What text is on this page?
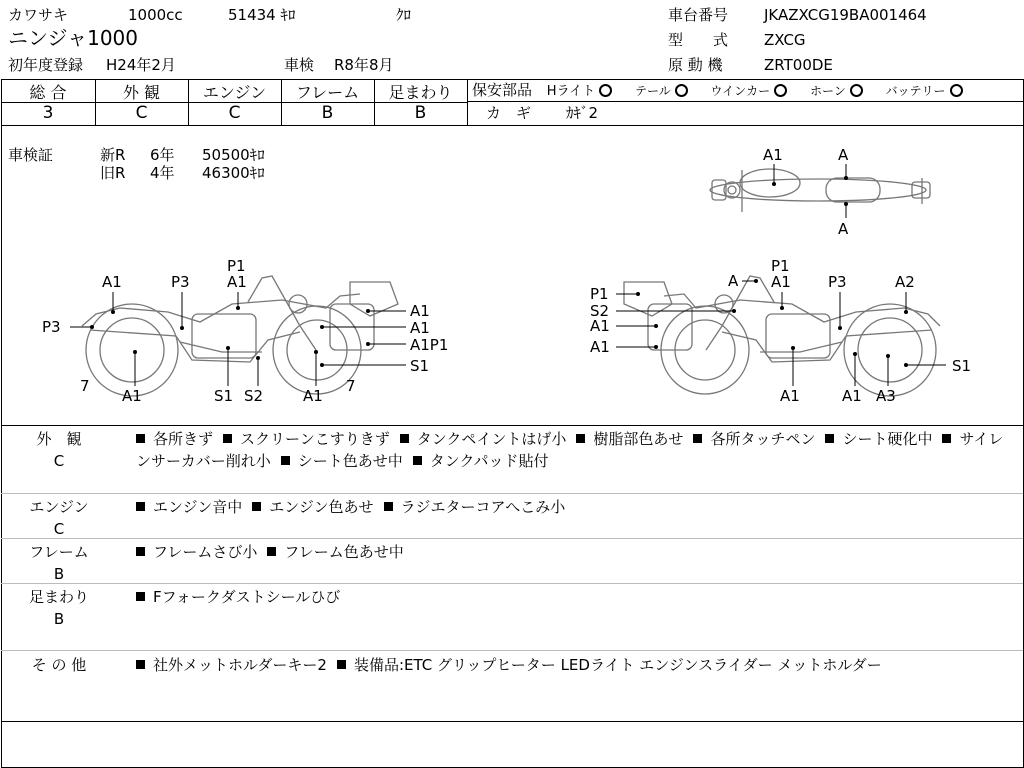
カワサキ	1000cc	51434 ｷﾛ	ｸﾛ
ニンジャ1000
初年度登録 H24年2月	車検 R8年8月
車台番号 JKAZXCG19BA001464
型　　式 ZXCG
原 動 機	ZRT00DE
総 合	外 観	エンジン	フレーム	足まわり
3	C	C	B	B
保安部品 Hライト	テール	ウインカー	ホーン	バッテリー
カ　ギ ｶｷﾞ2
車検証	新R 6年 50500ｷﾛ
旧R 4年 46300ｷﾛ
A1	A
A
P1
A1
A1	P3
P3
7
A1	S1 S2	A1
7
A1
A1
A1P1
S1
A
P1
A1 P3	A2
P1
S2
A1
A1
A1	A1 A3
S1
外　観
C
各所きず スクリーンこすりきず タンクペイントはげ小 樹脂部色あせ 各所タッチペン シート硬化中 サイレンサーカバー削れ小 シート色あせ中 タンクパッド貼付
エンジン
C
エンジン音中 エンジン色あせ ラジエターコアへこみ小
フレーム
B
フレームさび小 フレーム色あせ中
足まわり
B
Fフォークダストシールひび
そ の 他	社外メットホルダーキー2 装備品:ETC グリップヒーター LEDライト エンジンスライダー メットホルダー
